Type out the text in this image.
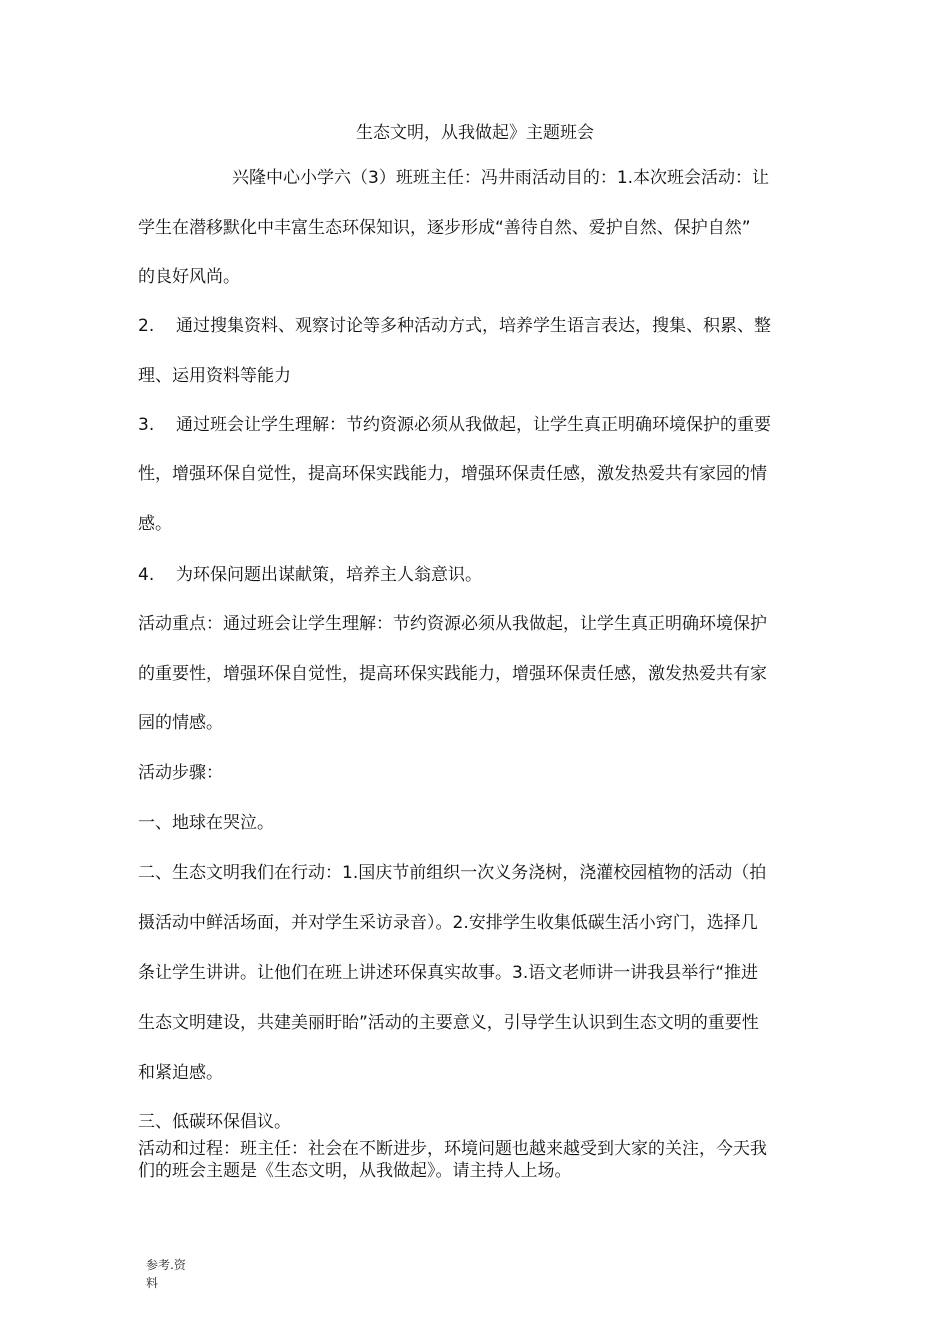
生态文明，从我做起》主题班会
兴隆中心小学六（3）班班主任：冯井雨活动目的：1.本次班会活动：让
学生在潜移默化中丰富生态环保知识，逐步形成“善待自然、爱护自然、保护自然”
的良好风尚。
2. 通过搜集资料、观察讨论等多种活动方式，培养学生语言表达，搜集、积累、整
理、运用资料等能力
3. 通过班会让学生理解：节约资源必须从我做起，让学生真正明确环境保护的重要
性，增强环保自觉性，提高环保实践能力，增强环保责任感，激发热爱共有家园的情
感。
4. 为环保问题出谋献策，培养主人翁意识。
活动重点：通过班会让学生理解：节约资源必须从我做起，让学生真正明确环境保护
的重要性，增强环保自觉性，提高环保实践能力，增强环保责任感，激发热爱共有家
园的情感。
活动步骤：
一、地球在哭泣。
二、生态文明我们在行动：1.国庆节前组织一次义务浇树，浇灌校园植物的活动（拍
摄活动中鲜活场面，并对学生采访录音）。2.安排学生收集低碳生活小窍门，选择几
条让学生讲讲。让他们在班上讲述环保真实故事。3.语文老师讲一讲我县举行“推进
生态文明建设，共建美丽盱眙”活动的主要意义，引导学生认识到生态文明的重要性
和紧迫感。
三、低碳环保倡议。
活动和过程：班主任：社会在不断进步，环境问题也越来越受到大家的关注，今天我
们的班会主题是《生态文明，从我做起》。请主持人上场。
参考.资
料
